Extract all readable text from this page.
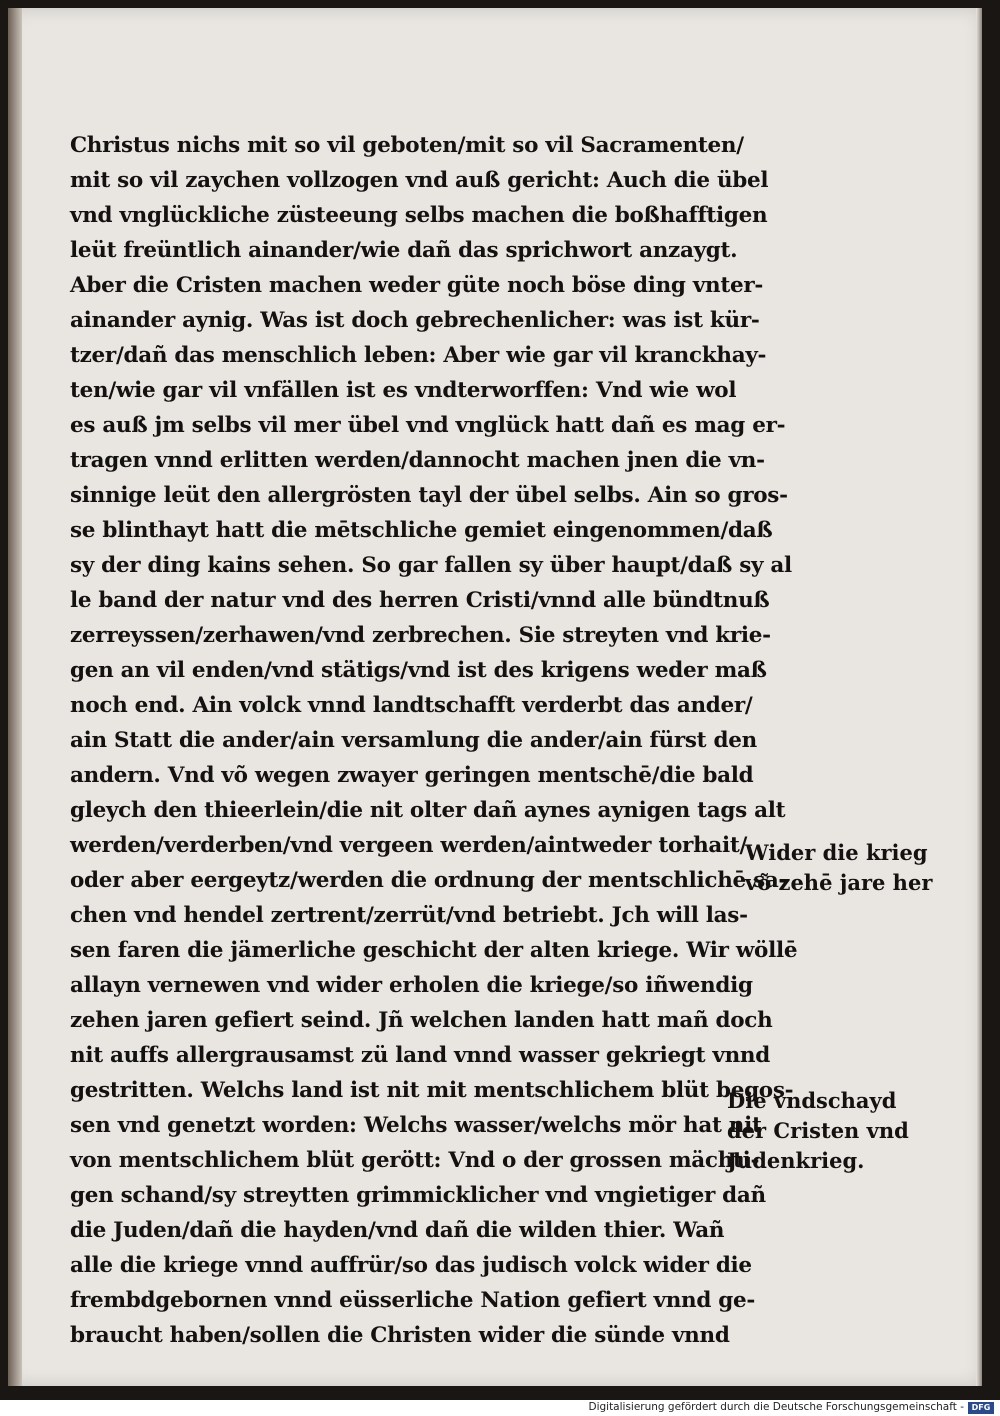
Christus nichs mit so vil geboten/mit so vil Sacramenten/
mit so vil zaychen vollzogen vnd auß gericht: Auch die übel
vnd vnglückliche züsteeung selbs machen die boßhafftigen
leüt freüntlich ainander/wie dañ das sprichwort anzaygt.
Aber die Cristen machen weder güte noch böse ding vnter-
ainander aynig. Was ist doch gebrechenlicher: was ist kür-
tzer/dañ das menschlich leben: Aber wie gar vil kranckhay-
ten/wie gar vil vnfällen ist es vndterworffen: Vnd wie wol
es auß jm selbs vil mer übel vnd vnglück hatt dañ es mag er-
tragen vnnd erlitten werden/dannocht machen jnen die vn-
sinnige leüt den allergrösten tayl der übel selbs. Ain so gros-
se blinthayt hatt die mētschliche gemiet eingenommen/daß
sy der ding kains sehen. So gar fallen sy über haupt/daß sy al
le band der natur vnd des herren Cristi/vnnd alle bündtnuß
zerreyssen/zerhawen/vnd zerbrechen. Sie streyten vnd krie-
gen an vil enden/vnd stätigs/vnd ist des krigens weder maß
noch end. Ain volck vnnd landtschafft verderbt das ander/
ain Statt die ander/ain versamlung die ander/ain fürst den
andern. Vnd võ wegen zwayer geringen mentschē/die bald
gleych den thieerlein/die nit olter dañ aynes aynigen tags alt
werden/verderben/vnd vergeen werden/aintweder torhait/
oder aber eergeytz/werden die ordnung der mentschlichē sa-
chen vnd hendel zertrent/zerrüt/vnd betriebt. Jch will las-
sen faren die jämerliche geschicht der alten kriege. Wir wöllē
allayn vernewen vnd wider erholen die kriege/so iñwendig
zehen jaren gefiert seind. Jñ welchen landen hatt mañ doch
nit auffs allergrausamst zü land vnnd wasser gekriegt vnnd
gestritten. Welchs land ist nit mit mentschlichem blüt begos-
sen vnd genetzt worden: Welchs wasser/welchs mör hat nit
von mentschlichem blüt gerött: Vnd o der grossen mächti-
gen schand/sy streytten grimmicklicher vnd vngietiger dañ
die Juden/dañ die hayden/vnd dañ die wilden thier. Wañ
alle die kriege vnnd auffrür/so das judisch volck wider die
frembdgebornen vnnd eüsserliche Nation gefiert vnnd ge-
braucht haben/sollen die Christen wider die sünde vnnd
Wider die krieg
võ zehē jare her
Die vndschayd
der Cristen vnd
Judenkrieg.
Digitalisierung gefördert durch die Deutsche Forschungsgemeinschaft - DFG
